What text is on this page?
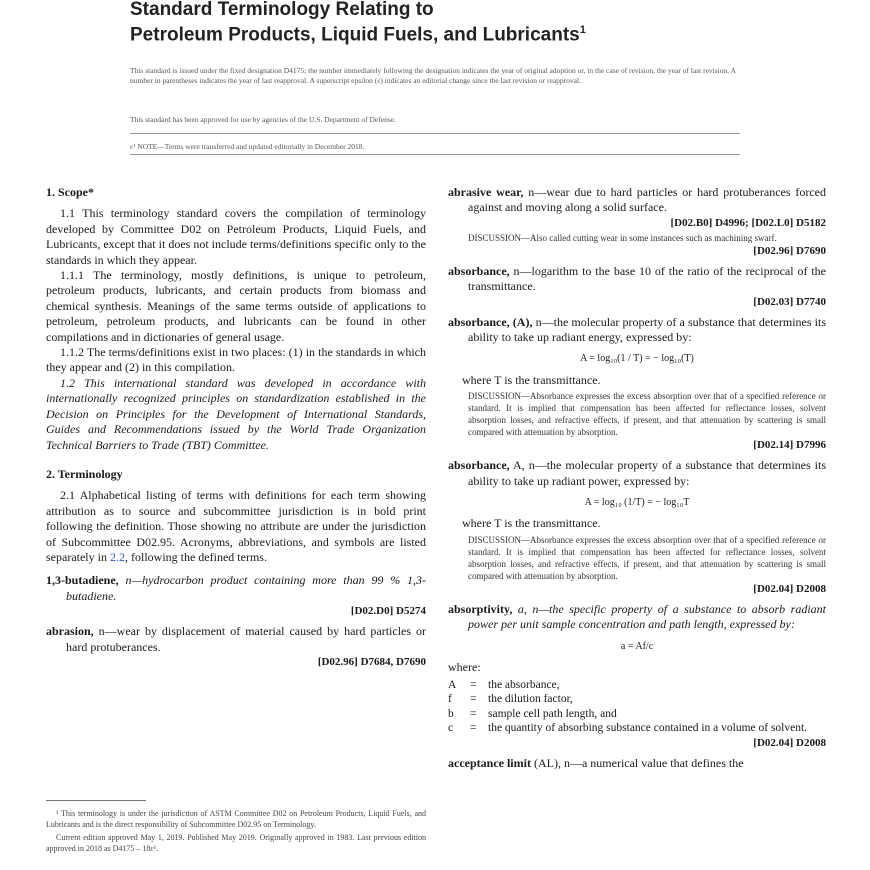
Standard Terminology Relating to
Petroleum Products, Liquid Fuels, and Lubricants$^1$
This standard is issued under the fixed designation D4175; the number immediately following the designation indicates the year of original adoption or, in the case of revision, the year of last revision. A number in parentheses indicates the year of last reapproval. A superscript epsilon (ε) indicates an editorial change since the last revision or reapproval.
This standard has been approved for use by agencies of the U.S. Department of Defense.
ε¹ NOTE—Terms were transferred and updated editorially in December 2018.

1. Scope*

1.1 This terminology standard covers the compilation of terminology developed by Committee D02 on Petroleum Products, Liquid Fuels, and Lubricants, except that it does not include terms/definitions specific only to the standards in which they appear.

1.1.1 The terminology, mostly definitions, is unique to petroleum, petroleum products, lubricants, and certain products from biomass and chemical synthesis. Meanings of the same terms outside of applications to petroleum, petroleum products, and lubricants can be found in other compilations and in dictionaries of general usage.

1.1.2 The terms/definitions exist in two places: (1) in the standards in which they appear and (2) in this compilation.

1.2 This international standard was developed in accordance with internationally recognized principles on standardization established in the Decision on Principles for the Development of International Standards, Guides and Recommendations issued by the World Trade Organization Technical Barriers to Trade (TBT) Committee.

2. Terminology

2.1 Alphabetical listing of terms with definitions for each term showing attribution as to source and subcommittee jurisdiction is in bold print following the definition. Those showing no attribute are under the jurisdiction of Subcommittee D02.95. Acronyms, abbreviations, and symbols are listed separately in 2.2, following the defined terms.

1,3-butadiene, n—hydrocarbon product containing more than 99 % 1,3-butadiene.
[D02.D0] D5274

abrasion, n—wear by displacement of material caused by hard particles or hard protuberances.
[D02.96] D7684, D7690

¹ This terminology is under the jurisdiction of ASTM Committee D02 on Petroleum Products, Liquid Fuels, and Lubricants and is the direct responsibility of Subcommittee D02.95 on Terminology.

Current edition approved May 1, 2019. Published May 2019. Originally approved in 1983. Last previous edition approved in 2018 as D4175 – 18ε¹.

abrasive wear, n—wear due to hard particles or hard protuberances forced against and moving along a solid surface.
[D02.B0] D4996; [D02.L0] D5182

DISCUSSION—Also called cutting wear in some instances such as machining swarf.

[D02.96] D7690

absorbance, n—logarithm to the base 10 of the ratio of the reciprocal of the transmittance.
[D02.03] D7740

absorbance, (A), n—the molecular property of a substance that determines its ability to take up radiant energy, expressed by:

A = log₁₀(1 / T) = − log₁₀(T)

where T is the transmittance.

DISCUSSION—Absorbance expresses the excess absorption over that of a specified reference or standard. It is implied that compensation has been affected for reflectance losses, solvent absorption losses, and refractive effects, if present, and that attenuation by scattering is small compared with attenuation by absorption.

[D02.14] D7996

absorbance, A, n—the molecular property of a substance that determines its ability to take up radiant power, expressed by:

A = log₁₀ (1/T) = − log₁₀T

where T is the transmittance.

DISCUSSION—Absorbance expresses the excess absorption over that of a specified reference or standard. It is implied that compensation has been affected for reflectance losses, solvent absorption losses, and refractive effects, if present, and that attenuation by scattering is small compared with attenuation by absorption.

[D02.04] D2008

absorptivity, a, n—the specific property of a substance to absorb radiant power per unit sample concentration and path length, expressed by:

a = Af/c

where:

A	=	the absorbance,
f	=	the dilution factor,
b	=	sample cell path length, and
c	=	the quantity of absorbing substance contained in a volume of solvent.
[D02.04] D2008

acceptance limit (AL), n—a numerical value that defines the
